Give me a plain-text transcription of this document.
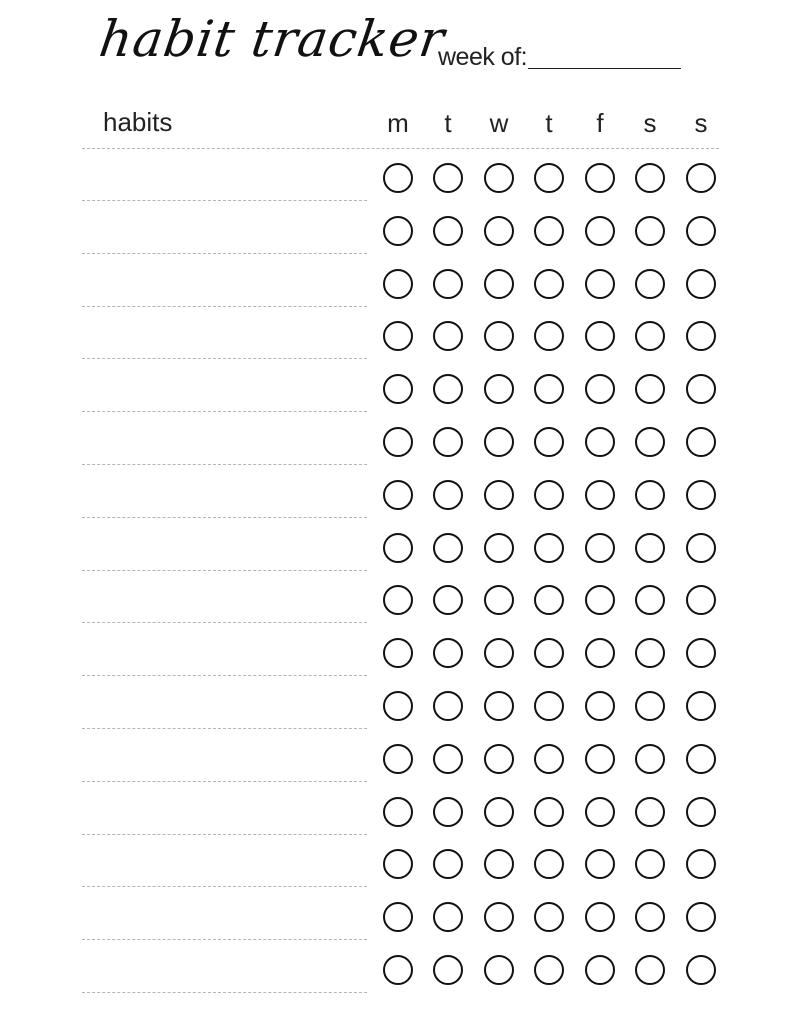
habit tracker
week of:
habits	m	t	w	t	f	s	s
